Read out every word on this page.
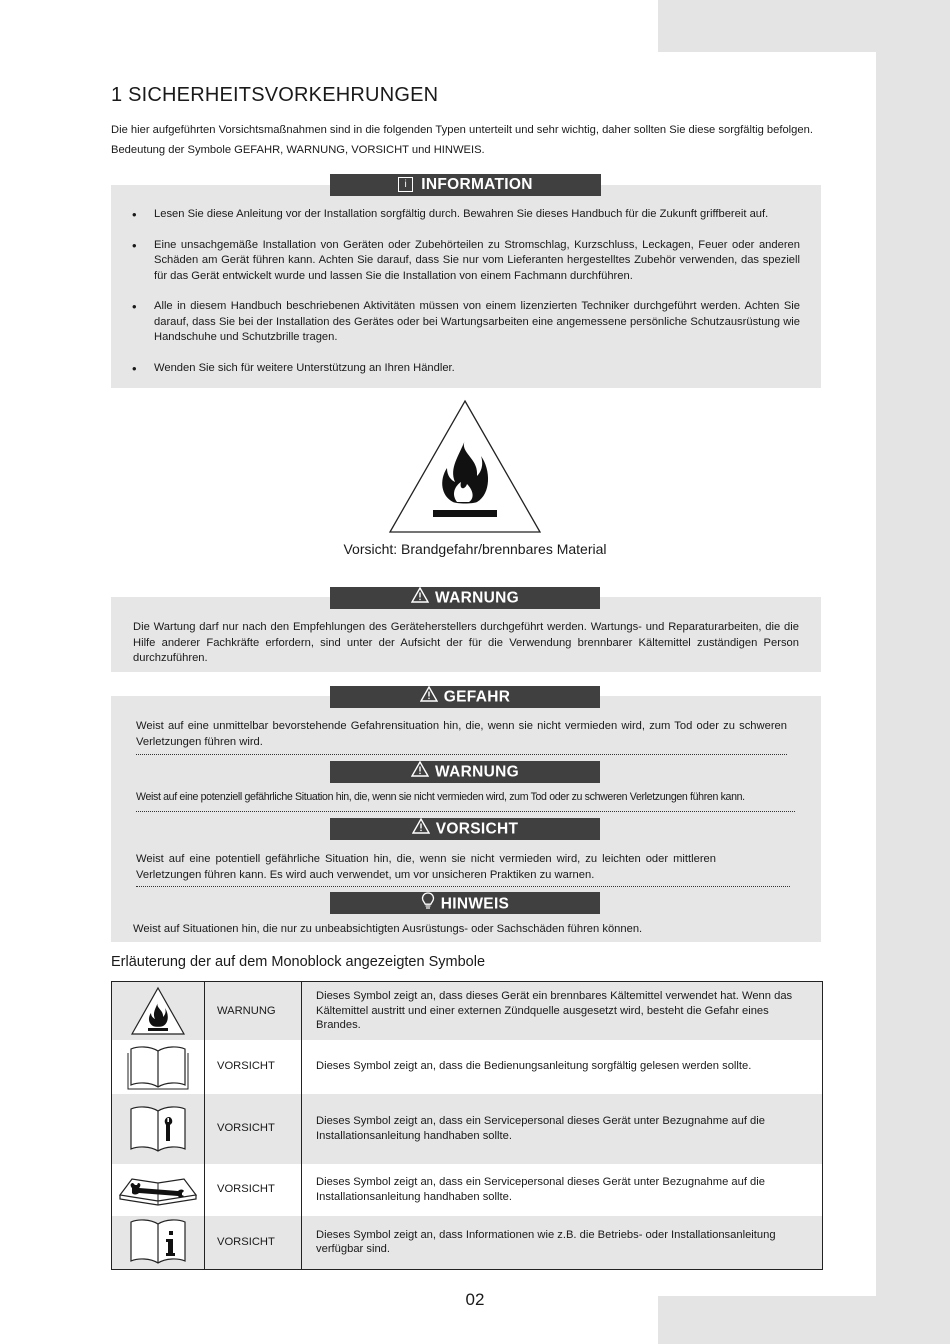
1 SICHERHEITSVORKEHRUNGEN

Die hier aufgeführten Vorsichtsmaßnahmen sind in die folgenden Typen unterteilt und sehr wichtig, daher sollten Sie diese sorgfältig befolgen.

Bedeutung der Symbole GEFAHR, WARNUNG, VORSICHT und HINWEIS.

i INFORMATION
• Lesen Sie diese Anleitung vor der Installation sorgfältig durch. Bewahren Sie dieses Handbuch für die Zukunft griffbereit auf.
• Eine unsachgemäße Installation von Geräten oder Zubehörteilen zu Stromschlag, Kurzschluss, Leckagen, Feuer oder anderen Schäden am Gerät führen kann. Achten Sie darauf, dass Sie nur vom Lieferanten hergestelltes Zubehör verwenden, das speziell für das Gerät entwickelt wurde und lassen Sie die Installation von einem Fachmann durchführen.
• Alle in diesem Handbuch beschriebenen Aktivitäten müssen von einem lizenzierten Techniker durchgeführt werden. Achten Sie darauf, dass Sie bei der Installation des Gerätes oder bei Wartungsarbeiten eine angemessene persönliche Schutzausrüstung wie Handschuhe und Schutzbrille tragen.
• Wenden Sie sich für weitere Unterstützung an Ihren Händler.

Vorsicht: Brandgefahr/brennbares Material

WARNUNG

Die Wartung darf nur nach den Empfehlungen des Geräteherstellers durchgeführt werden. Wartungs- und Reparaturarbeiten, die die Hilfe anderer Fachkräfte erfordern, sind unter der Aufsicht der für die Verwendung brennbarer Kältemittel zuständigen Person durchzuführen.

GEFAHR

Weist auf eine unmittelbar bevorstehende Gefahrensituation hin, die, wenn sie nicht vermieden wird, zum Tod oder zu schweren Verletzungen führen wird.

WARNUNG

Weist auf eine potenziell gefährliche Situation hin, die, wenn sie nicht vermieden wird, zum Tod oder zu schweren Verletzungen führen kann.

VORSICHT

Weist auf eine potentiell gefährliche Situation hin, die, wenn sie nicht vermieden wird, zu leichten oder mittleren Verletzungen führen kann. Es wird auch verwendet, um vor unsicheren Praktiken zu warnen.

HINWEIS

Weist auf Situationen hin, die nur zu unbeabsichtigten Ausrüstungs- oder Sachschäden führen können.

Erläuterung der auf dem Monoblock angezeigten Symbole
	WARNUNG	Dieses Symbol zeigt an, dass dieses Gerät ein brennbares Kältemittel verwendet hat. Wenn das Kältemittel austritt und einer externen Zündquelle ausgesetzt wird, besteht die Gefahr eines Brandes.

	VORSICHT	Dieses Symbol zeigt an, dass die Bedienungsanleitung sorgfältig gelesen werden sollte.

	VORSICHT	Dieses Symbol zeigt an, dass ein Servicepersonal dieses Gerät unter Bezugnahme auf die Installationsanleitung handhaben sollte.

	VORSICHT	Dieses Symbol zeigt an, dass ein Servicepersonal dieses Gerät unter Bezugnahme auf die Installationsanleitung handhaben sollte.

	VORSICHT	Dieses Symbol zeigt an, dass Informationen wie z.B. die Betriebs- oder Installationsanleitung verfügbar sind.

02
